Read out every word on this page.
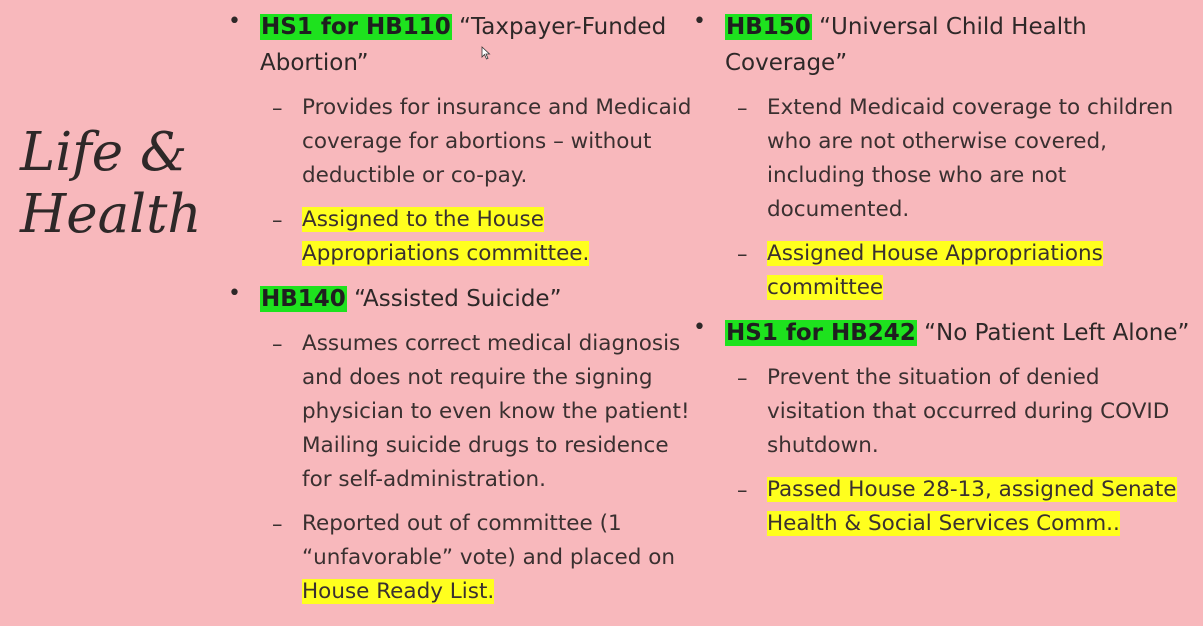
Life &
Health
• HS1 for HB110 “Taxpayer-Funded Abortion”
– Provides for insurance and Medicaid coverage for abortions – without deductible or co-pay.
– Assigned to the House Appropriations committee.
• HB140 “Assisted Suicide”
– Assumes correct medical diagnosis and does not require the signing physician to even know the patient! Mailing suicide drugs to residence for self-administration.
– Reported out of committee (1 “unfavorable” vote) and placed on House Ready List.
• HB150 “Universal Child Health Coverage”
– Extend Medicaid coverage to children who are not otherwise covered, including those who are not documented.
– Assigned House Appropriations committee
• HS1 for HB242 “No Patient Left Alone”
– Prevent the situation of denied visitation that occurred during COVID shutdown.
– Passed House 28-13, assigned Senate Health & Social Services Comm..
